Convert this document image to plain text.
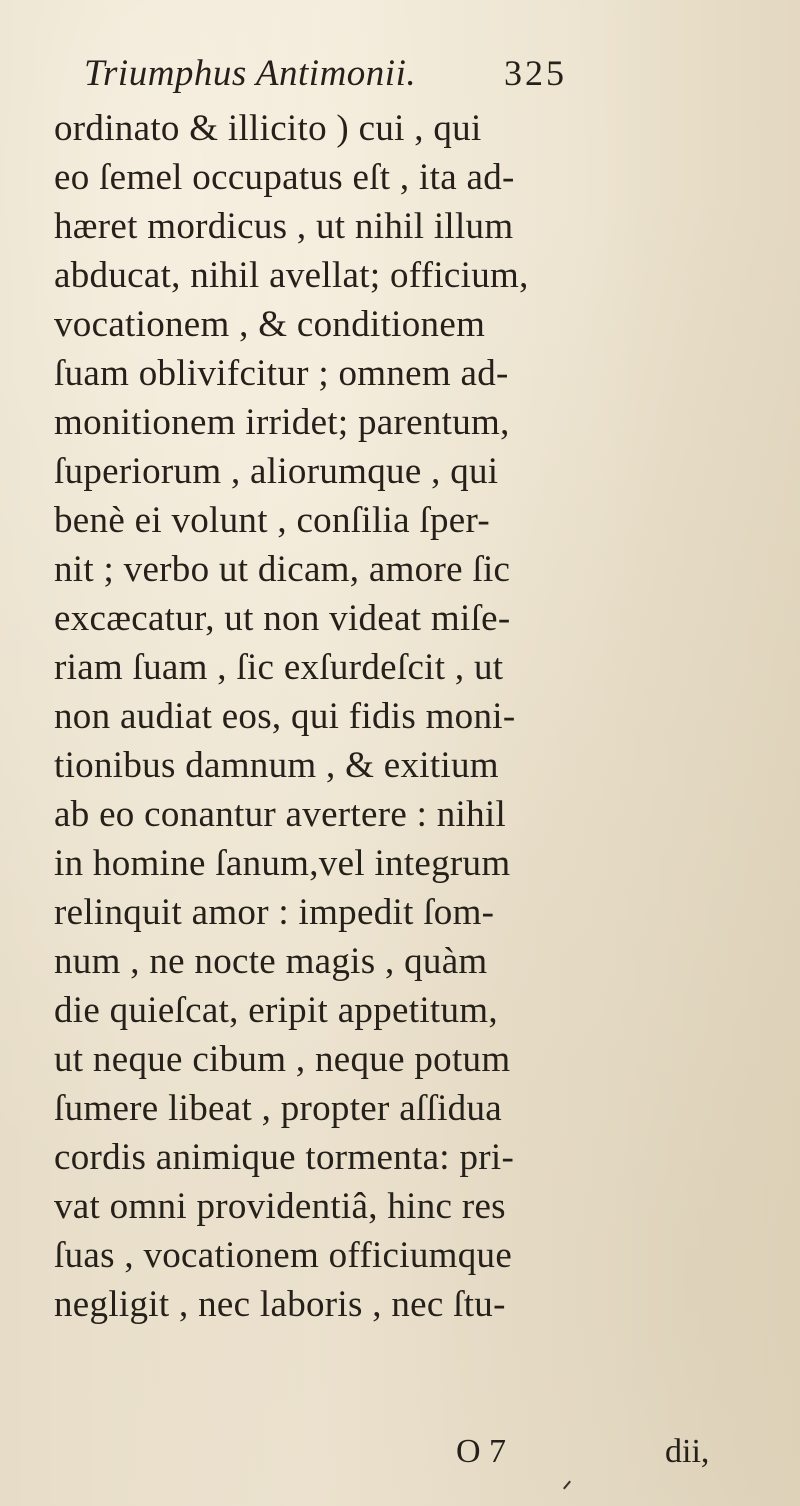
Triumphus Antimonii. 325
ordinato & illicito ) cui , qui
eo ſemel occupatus eſt , ita ad-
hæret mordicus , ut nihil illum
abducat, nihil avellat; officium,
vocationem , & conditionem
ſuam oblivifcitur ; omnem ad-
monitionem irridet; parentum,
ſuperiorum , aliorumque , qui
benè ei volunt , conſilia ſper-
nit ; verbo ut dicam, amore ſic
excæcatur, ut non videat miſe-
riam ſuam , ſic exſurdeſcit , ut
non audiat eos, qui fidis moni-
tionibus damnum , & exitium
ab eo conantur avertere : nihil
in homine ſanum,vel integrum
relinquit amor : impedit ſom-
num , ne nocte magis , quàm
die quieſcat, eripit appetitum,
ut neque cibum , neque potum
ſumere libeat , propter aſſidua
cordis animique tormenta: pri-
vat omni providentiâ, hinc res
ſuas , vocationem officiumque
negligit , nec laboris , nec ſtu-
O 7	dii,
